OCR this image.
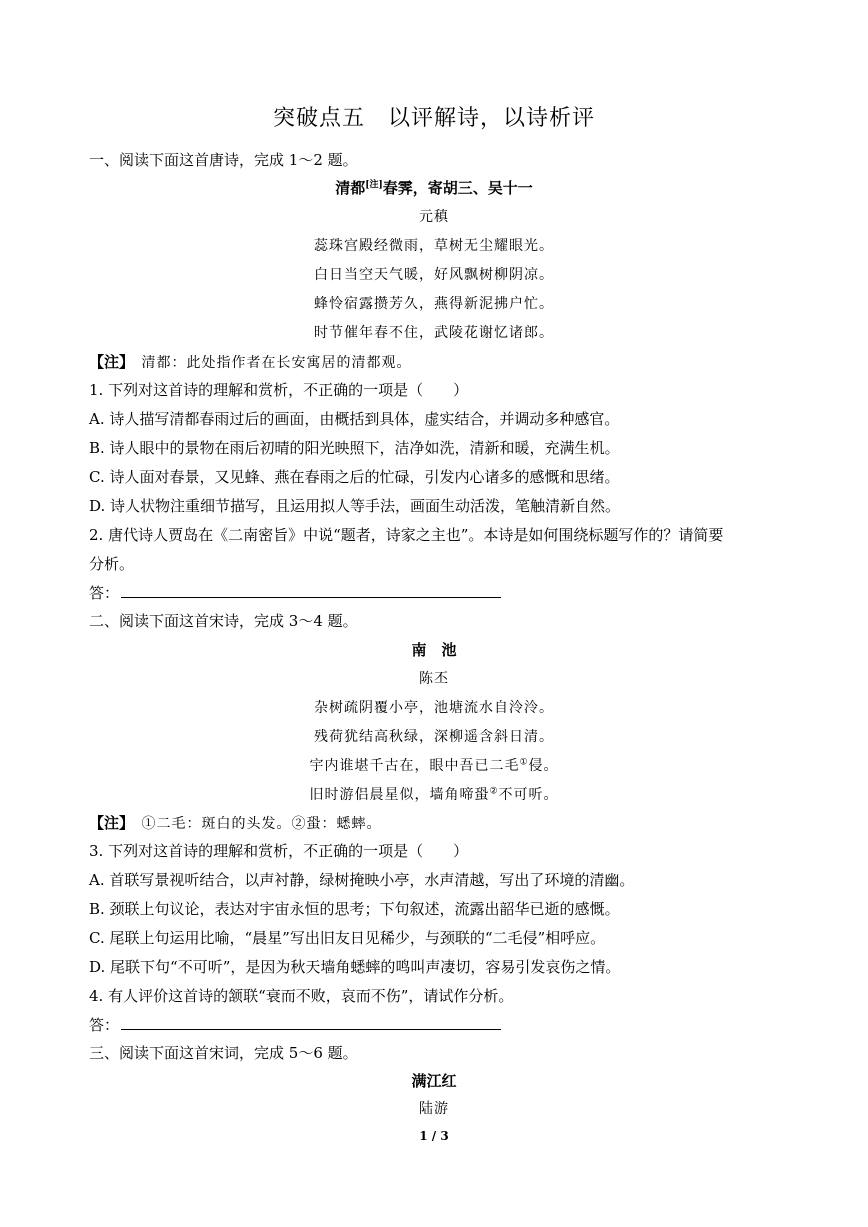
突破点五　以评解诗，以诗析评
一、阅读下面这首唐诗，完成 1～2 题。
清都[注]春霁，寄胡三、吴十一
元稹
蕊珠宫殿经微雨，草树无尘耀眼光。
白日当空天气暖，好风飘树柳阴凉。
蜂怜宿露攒芳久，燕得新泥拂户忙。
时节催年春不住，武陵花谢忆诸郎。
【注】　清都：此处指作者在长安寓居的清都观。
1. 下列对这首诗的理解和赏析，不正确的一项是（　　）
A. 诗人描写清都春雨过后的画面，由概括到具体，虚实结合，并调动多种感官。
B. 诗人眼中的景物在雨后初晴的阳光映照下，洁净如洗，清新和暖，充满生机。
C. 诗人面对春景，又见蜂、燕在春雨之后的忙碌，引发内心诸多的感慨和思绪。
D. 诗人状物注重细节描写，且运用拟人等手法，画面生动活泼，笔触清新自然。
2. 唐代诗人贾岛在《二南密旨》中说“题者，诗家之主也”。本诗是如何围绕标题写作的？请简要
分析。
答：
二、阅读下面这首宋诗，完成 3～4 题。
南　池
陈丕
杂树疏阴覆小亭，池塘流水自泠泠。
残荷犹结高秋绿，深柳遥含斜日清。
宇内谁堪千古在，眼中吾已二毛①侵。
旧时游侣晨星似，墙角啼蛩②不可听。
【注】　①二毛：斑白的头发。②蛩：蟋蟀。
3. 下列对这首诗的理解和赏析，不正确的一项是（　　）
A. 首联写景视听结合，以声衬静，绿树掩映小亭，水声清越，写出了环境的清幽。
B. 颈联上句议论，表达对宇宙永恒的思考；下句叙述，流露出韶华已逝的感慨。
C. 尾联上句运用比喻，“晨星”写出旧友日见稀少，与颈联的“二毛侵”相呼应。
D. 尾联下句“不可听”，是因为秋天墙角蟋蟀的鸣叫声凄切，容易引发哀伤之情。
4. 有人评价这首诗的颔联“衰而不败，哀而不伤”，请试作分析。
答：
三、阅读下面这首宋词，完成 5～6 题。
满江红
陆游
1 / 3
